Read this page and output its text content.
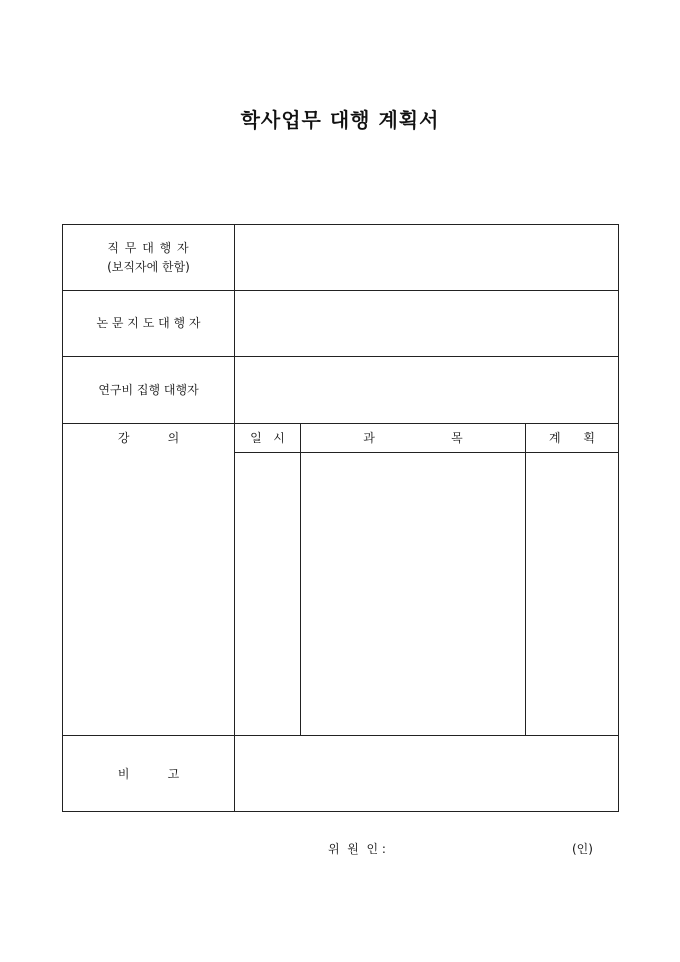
학사업무 대행 계획서
직 무 대 행 자
(보직자에 한함)
논 문 지 도 대 행 자
연구비 집행 대행자
강          의	일   시	과                    목	계      획
비          고
위  원  인 :	(인)
